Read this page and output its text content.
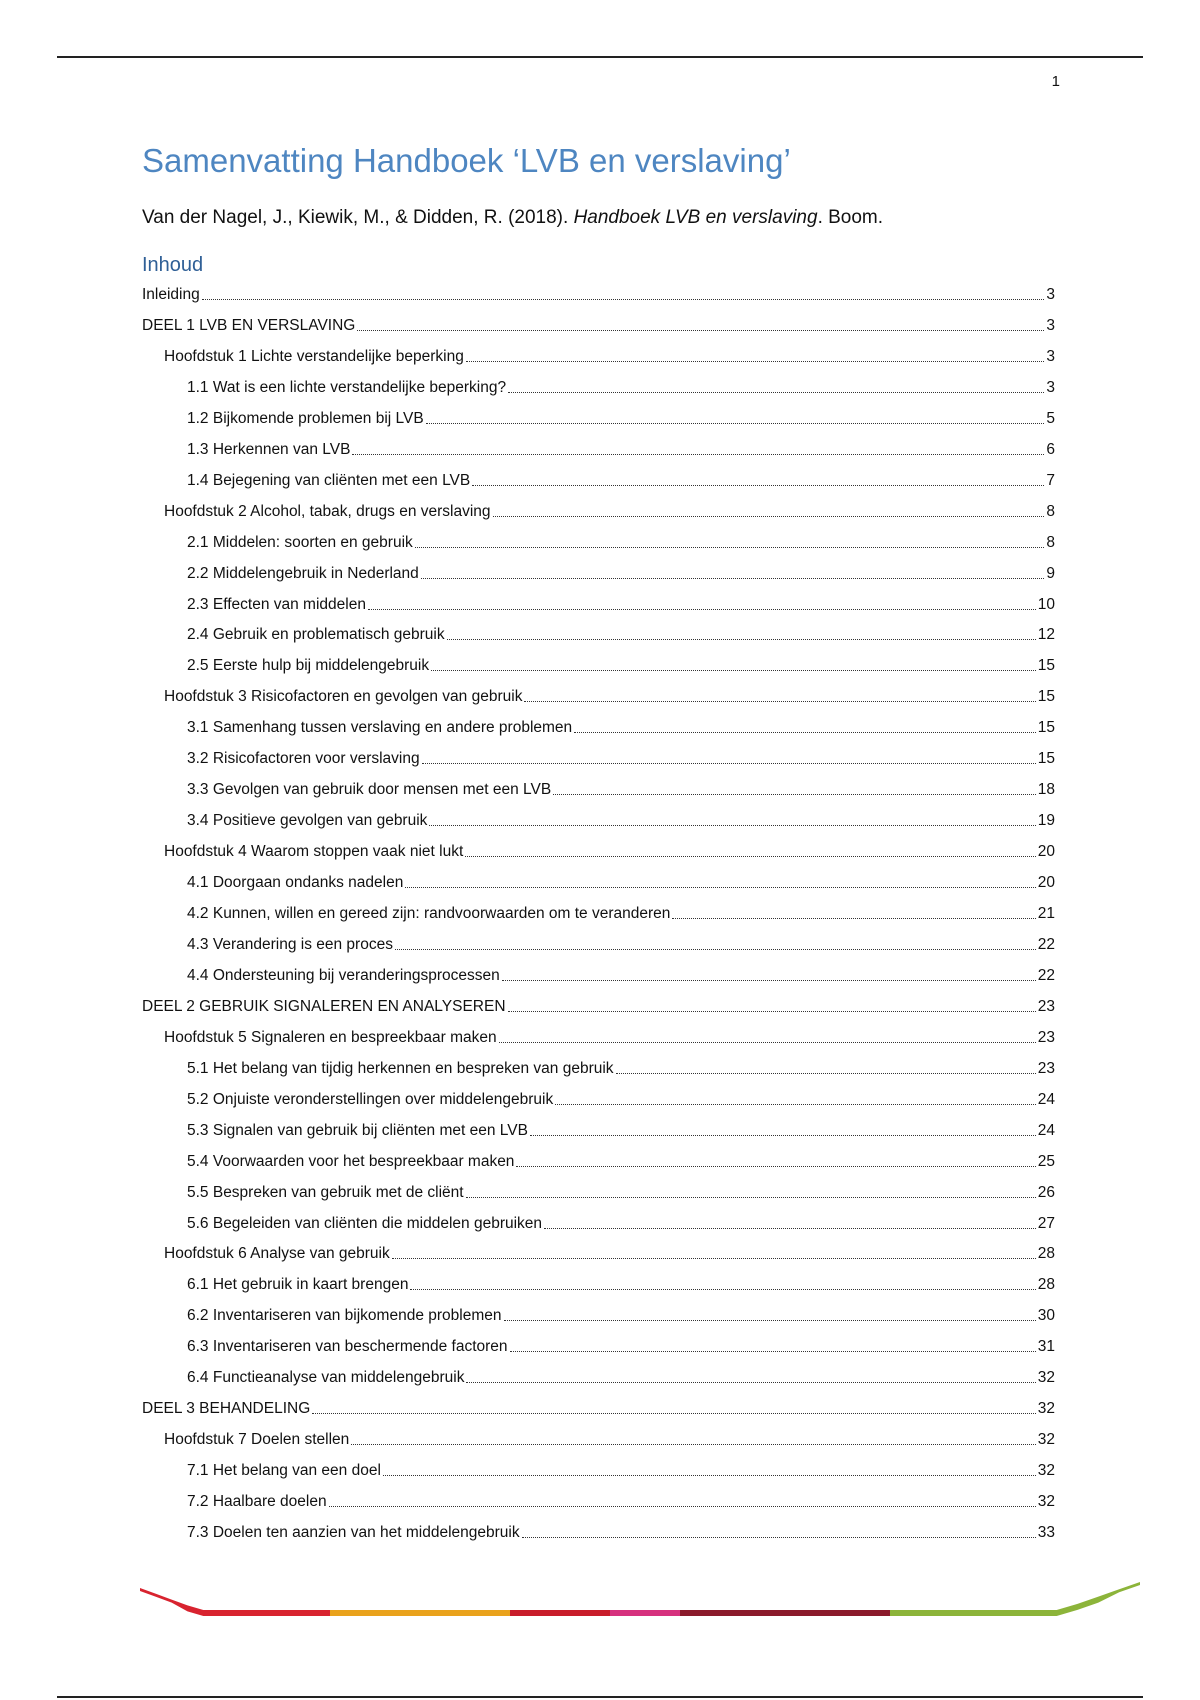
1
Samenvatting Handboek ‘LVB en verslaving’
Van der Nagel, J., Kiewik, M., & Didden, R. (2018). Handboek LVB en verslaving. Boom.
Inhoud
Inleiding	3
DEEL 1 LVB EN VERSLAVING	3
Hoofdstuk 1 Lichte verstandelijke beperking	3
1.1 Wat is een lichte verstandelijke beperking?	3
1.2 Bijkomende problemen bij LVB	5
1.3 Herkennen van LVB	6
1.4 Bejegening van cliënten met een LVB	7
Hoofdstuk 2 Alcohol, tabak, drugs en verslaving	8
2.1 Middelen: soorten en gebruik	8
2.2 Middelengebruik in Nederland	9
2.3 Effecten van middelen	10
2.4 Gebruik en problematisch gebruik	12
2.5 Eerste hulp bij middelengebruik	15
Hoofdstuk 3 Risicofactoren en gevolgen van gebruik	15
3.1 Samenhang tussen verslaving en andere problemen	15
3.2 Risicofactoren voor verslaving	15
3.3 Gevolgen van gebruik door mensen met een LVB	18
3.4 Positieve gevolgen van gebruik	19
Hoofdstuk 4 Waarom stoppen vaak niet lukt	20
4.1 Doorgaan ondanks nadelen	20
4.2 Kunnen, willen en gereed zijn: randvoorwaarden om te veranderen	21
4.3 Verandering is een proces	22
4.4 Ondersteuning bij veranderingsprocessen	22
DEEL 2 GEBRUIK SIGNALEREN EN ANALYSEREN	23
Hoofdstuk 5 Signaleren en bespreekbaar maken	23
5.1 Het belang van tijdig herkennen en bespreken van gebruik	23
5.2 Onjuiste veronderstellingen over middelengebruik	24
5.3 Signalen van gebruik bij cliënten met een LVB	24
5.4 Voorwaarden voor het bespreekbaar maken	25
5.5 Bespreken van gebruik met de cliënt	26
5.6 Begeleiden van cliënten die middelen gebruiken	27
Hoofdstuk 6 Analyse van gebruik	28
6.1 Het gebruik in kaart brengen	28
6.2 Inventariseren van bijkomende problemen	30
6.3 Inventariseren van beschermende factoren	31
6.4 Functieanalyse van middelengebruik	32
DEEL 3 BEHANDELING	32
Hoofdstuk 7 Doelen stellen	32
7.1 Het belang van een doel	32
7.2 Haalbare doelen	32
7.3 Doelen ten aanzien van het middelengebruik	33
